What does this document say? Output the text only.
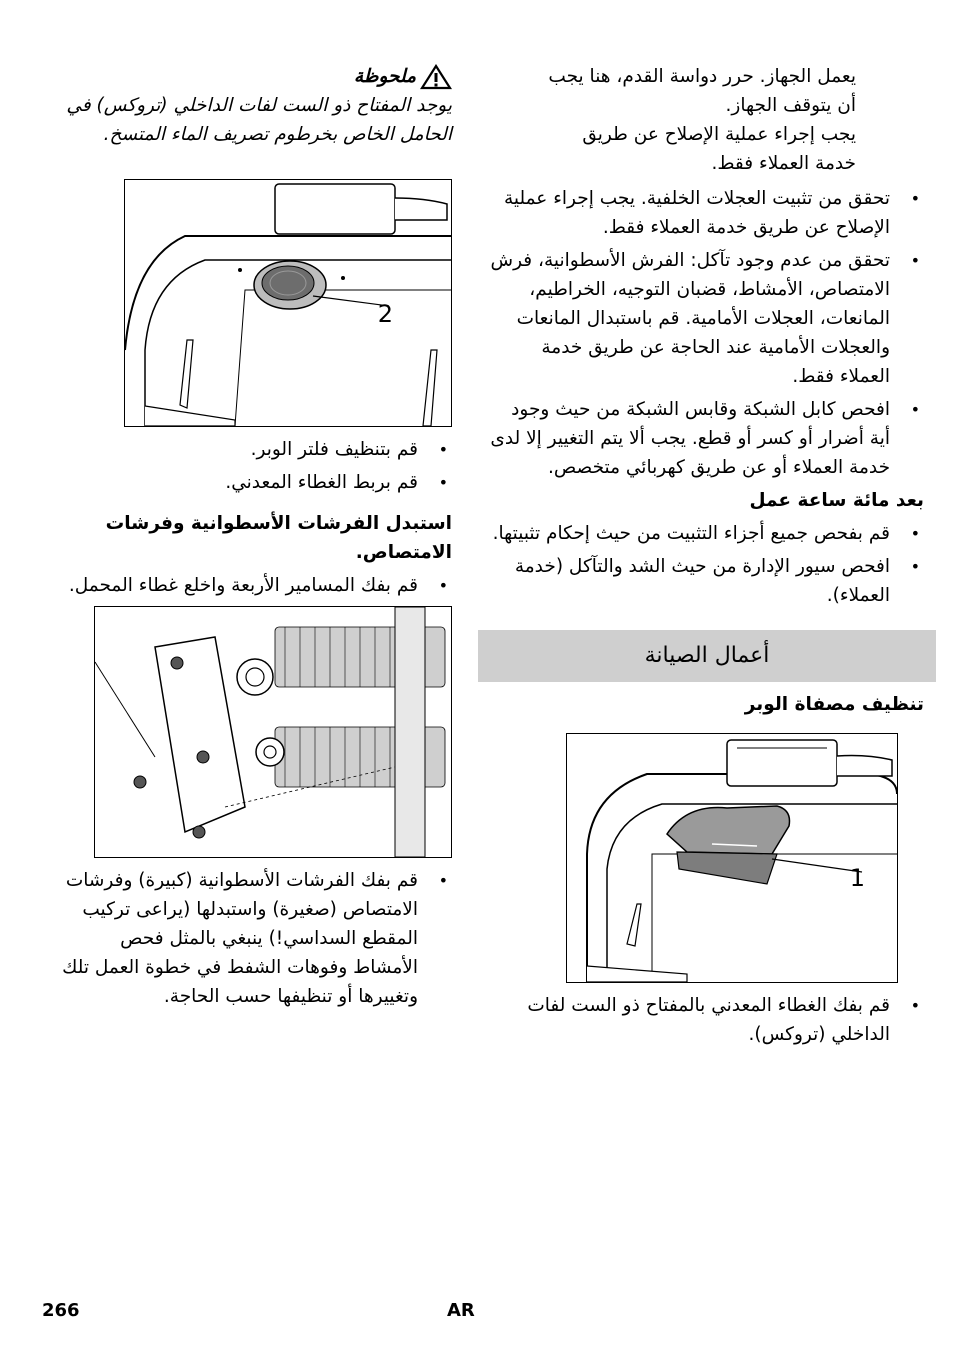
يعمل الجهاز. حرر دواسة القدم، هنا يجب
أن يتوقف الجهاز.
يجب إجراء عملية الإصلاح عن طريق
خدمة العملاء فقط.
•
تحقق من تثبيت العجلات الخلفية. يجب إجراء عملية الإصلاح عن طريق خدمة العملاء فقط.
•
تحقق من عدم وجود تآكل: الفرش الأسطوانية، فرش الامتصاص، الأمشاط، قضبان التوجيه، الخراطيم، المانعات، العجلات الأمامية. قم باستبدال المانعات والعجلات الأمامية عند الحاجة عن طريق خدمة العملاء فقط.
•
افحص كابل الشبكة وقابس الشبكة من حيث وجود أية أضرار أو كسر أو قطع. يجب ألا يتم التغيير إلا لدى خدمة العملاء أو عن طريق كهربائي متخصص.
بعد مائة ساعة عمل
•
قم بفحص جميع أجزاء التثبيت من حيث إحكام تثبيتها.
•
افحص سيور الإدارة من حيث الشد والتآكل (خدمة العملاء).
أعمال الصيانة
تنظيف مصفاة الوبر
1
•
قم بفك الغطاء المعدني بالمفتاح ذو الست لفات الداخلي (تروكس).
ملحوظة
يوجد المفتاح ذو الست لفات الداخلي (تروكس) في الحامل الخاص بخرطوم تصريف الماء المتسخ.
2
•
قم بتنظيف فلتر الوبر.
•
قم بربط الغطاء المعدني.
استبدل الفرشات الأسطوانية وفرشات الامتصاص.
•
قم بفك المسامير الأربعة واخلع غطاء المحمل.
•
قم بفك الفرشات الأسطوانية (كبيرة) وفرشات الامتصاص (صغيرة) واستبدلها (يراعى تركيب المقطع السداسي!) ينبغي بالمثل فحص الأمشاط وفوهات الشفط في خطوة العمل تلك وتغييرها أو تنظيفها حسب الحاجة.
266	AR
